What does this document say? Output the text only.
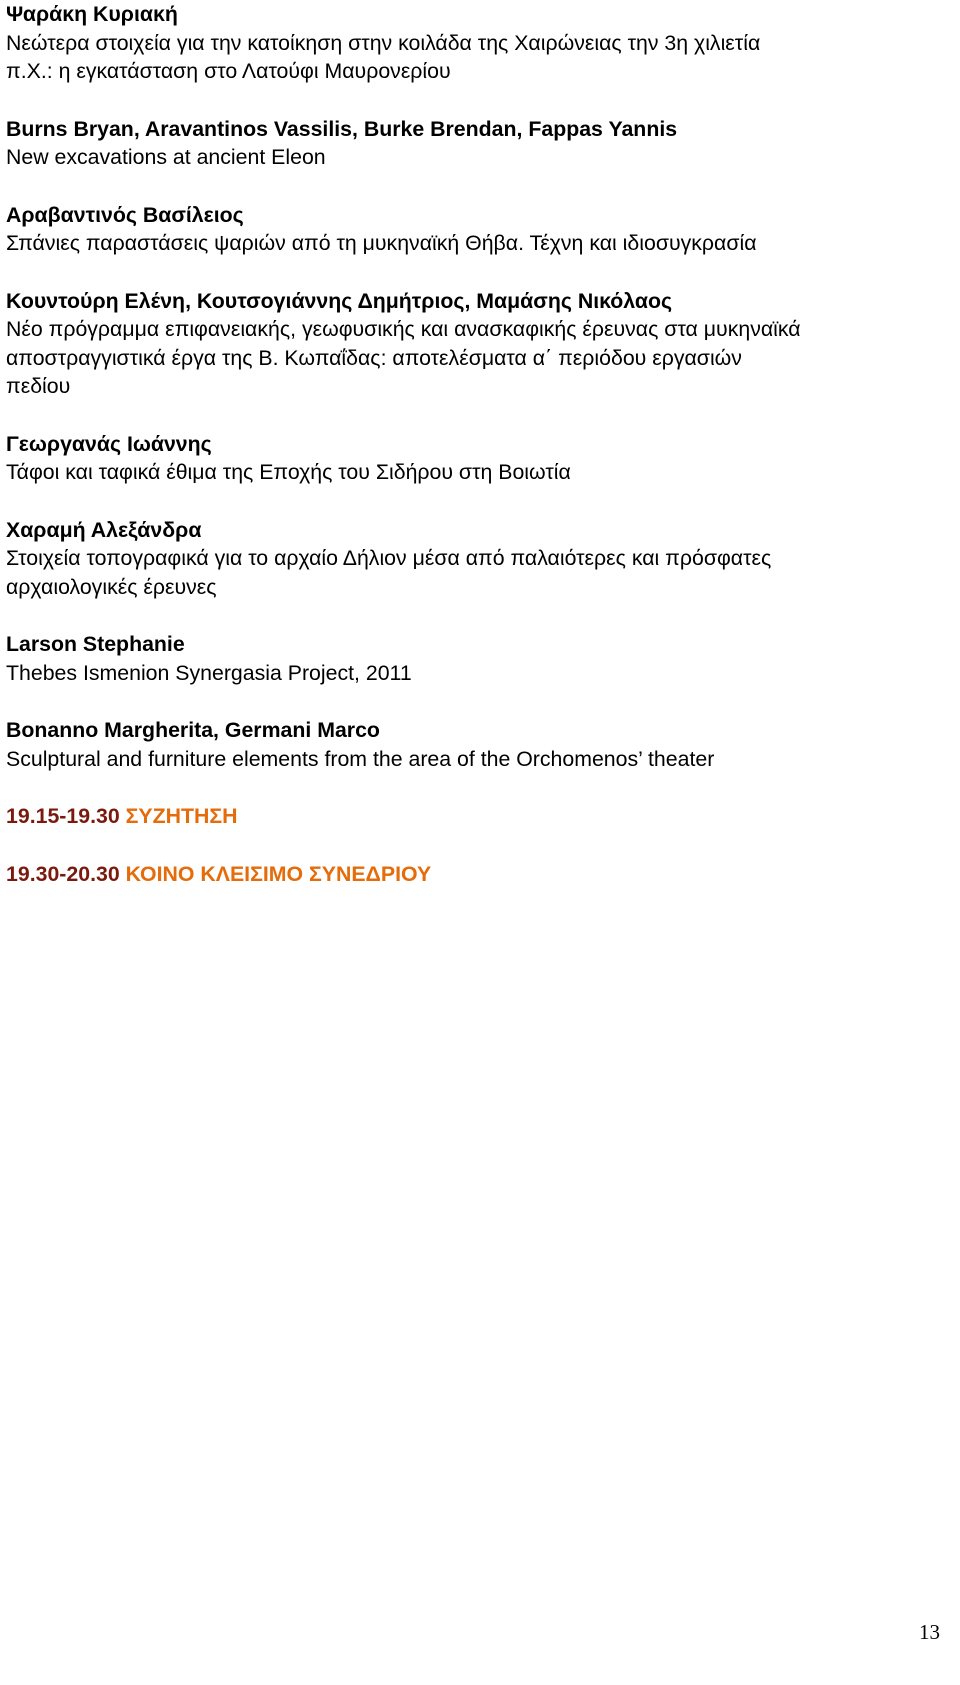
Ψαράκη Κυριακή
Νεώτερα στοιχεία για την κατοίκηση στην κοιλάδα της Χαιρώνειας την 3η χιλιετία
π.Χ.: η εγκατάσταση στο Λατούφι Μαυρονερίου
Burns Bryan, Aravantinos Vassilis, Burke Brendan, Fappas Yannis
New excavations at ancient Eleon
Αραβαντινός Βασίλειος
Σπάνιες παραστάσεις ψαριών από τη μυκηναϊκή Θήβα. Τέχνη και ιδιοσυγκρασία
Κουντούρη Ελένη, Κουτσογιάννης Δημήτριος, Μαμάσης Νικόλαος
Νέο πρόγραμμα επιφανειακής, γεωφυσικής και ανασκαφικής έρευνας στα μυκηναϊκά
αποστραγγιστικά έργα της Β. Κωπαΐδας: αποτελέσματα α΄ περιόδου εργασιών
πεδίου
Γεωργανάς Ιωάννης
Τάφοι και ταφικά έθιμα της Εποχής του Σιδήρου στη Βοιωτία
Χαραμή Αλεξάνδρα
Στοιχεία τοπογραφικά για το αρχαίο Δήλιον μέσα από παλαιότερες και πρόσφατες
αρχαιολογικές έρευνες
Larson Stephanie
Thebes Ismenion Synergasia Project, 2011
Bonanno Margherita, Germani Marco
Sculptural and furniture elements from the area of the Orchomenos’ theater
19.15-19.30 ΣΥΖΗΤΗΣΗ
19.30-20.30 ΚΟΙΝΟ ΚΛΕΙΣΙΜΟ ΣΥΝΕΔΡΙΟΥ
13
